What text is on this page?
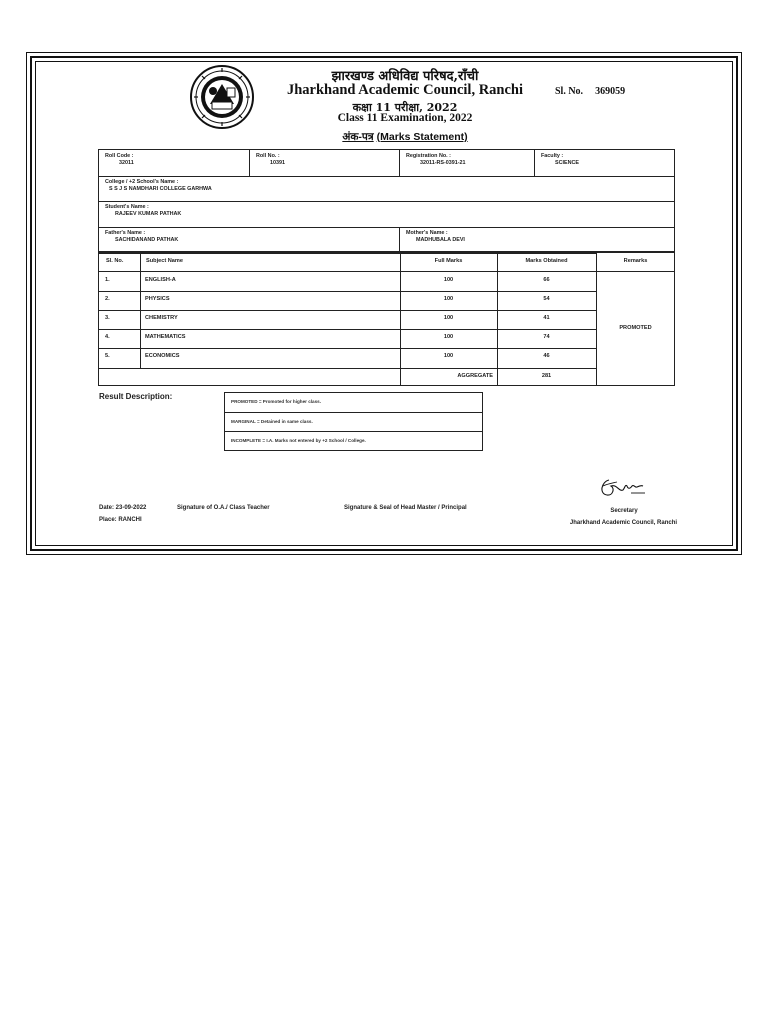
झारखण्ड अधिविद्य परिषद,राँची
Jharkhand Academic Council, Ranchi
कक्षा 11 परीक्षा, 2022
Class 11 Examination, 2022
अंक-पत्र (Marks Statement)
Sl. No. 369059
Roll Code :
32011
Roll No. :
10391
Registration No. :
32011-RS-0391-21
Faculty :
SCIENCE
College / +2 School's Name :
S S J S NAMDHARI COLLEGE GARHWA
Student's Name :
RAJEEV KUMAR PATHAK
Father's Name :
SACHIDANAND PATHAK
Mother's Name :
MADHUBALA DEVI
Sl. No.	Subject Name	Full Marks	Marks Obtained	Remarks
1.	ENGLISH-A	100	66
2.	PHYSICS	100	54
3.	CHEMISTRY	100	41
4.	MATHEMATICS	100	74
5.	ECONOMICS	100	46
PROMOTED
AGGREGATE	281
Result Description:
PROMOTED = Promoted for higher class.
MARGINAL = Detained in same class.
INCOMPLETE = I.A. Marks not entered by +2 School / College.
Date: 23-09-2022
Place: RANCHI
Signature of O.A./ Class Teacher	Signature & Seal of Head Master / Principal	Secretary
Jharkhand Academic Council, Ranchi
